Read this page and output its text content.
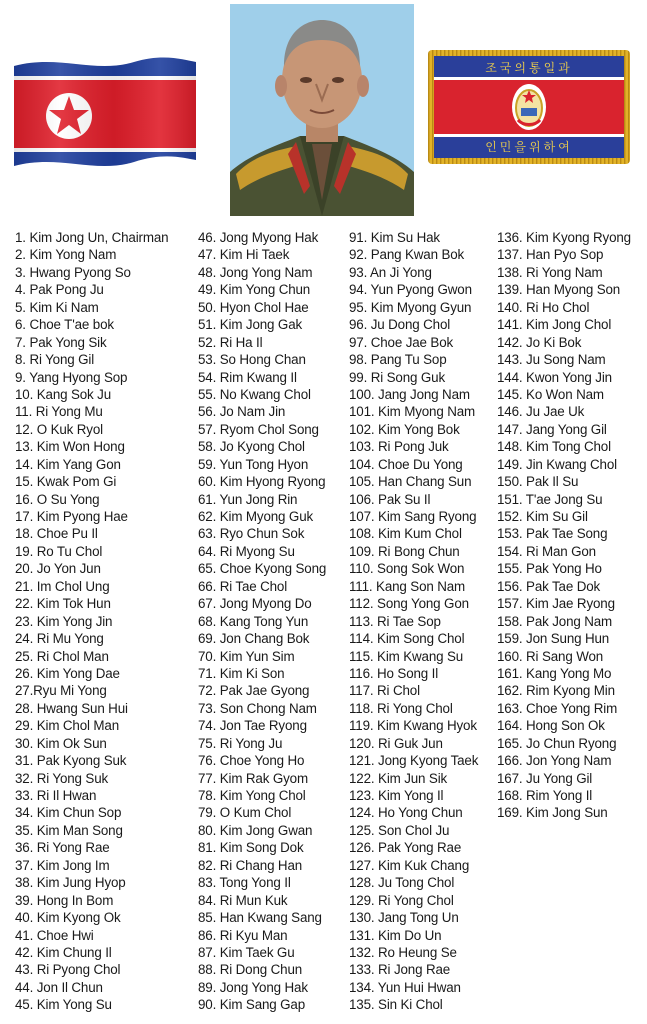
조국의통일과
인민을위하여
1. Kim Jong Un, Chairman
2. Kim Yong Nam
3. Hwang Pyong So
4. Pak Pong Ju
5. Kim Ki Nam
6. Choe T'ae bok
7. Pak Yong Sik
8. Ri Yong Gil
9. Yang Hyong Sop
10. Kang Sok Ju
11. Ri Yong Mu
12. O Kuk Ryol
13. Kim Won Hong
14. Kim Yang Gon
15. Kwak Pom Gi
16. O Su Yong
17. Kim Pyong Hae
18. Choe Pu Il
19. Ro Tu Chol
20. Jo Yon Jun
21. Im Chol Ung
22. Kim Tok Hun
23. Kim Yong Jin
24. Ri Mu Yong
25. Ri Chol Man
26. Kim Yong Dae
27.Ryu Mi Yong
28. Hwang Sun Hui
29. Kim Chol Man
30. Kim Ok Sun
31. Pak Kyong Suk
32. Ri Yong Suk
33. Ri Il Hwan
34. Kim Chun Sop
35. Kim Man Song
36. Ri Yong Rae
37. Kim Jong Im
38. Kim Jung Hyop
39. Hong In Bom
40. Kim Kyong Ok
41. Choe Hwi
42. Kim Chung Il
43. Ri Pyong Chol
44. Jon Il Chun
45. Kim Yong Su
46. Jong Myong Hak
47. Kim Hi Taek
48. Jong Yong Nam
49. Kim Yong Chun
50. Hyon Chol Hae
51. Kim Jong Gak
52. Ri Ha Il
53. So Hong Chan
54. Rim Kwang Il
55. No Kwang Chol
56. Jo Nam Jin
57. Ryom Chol Song
58. Jo Kyong Chol
59. Yun Tong Hyon
60. Kim Hyong Ryong
61. Yun Jong Rin
62. Kim Myong Guk
63. Ryo Chun Sok
64. Ri Myong Su
65. Choe Kyong Song
66. Ri Tae Chol
67. Jong Myong Do
68. Kang Tong Yun
69. Jon Chang Bok
70. Kim Yun Sim
71. Kim Ki Son
72. Pak Jae Gyong
73. Son Chong Nam
74. Jon Tae Ryong
75. Ri Yong Ju
76. Choe Yong Ho
77. Kim Rak Gyom
78. Kim Yong Chol
79. O Kum Chol
80. Kim Jong Gwan
81. Kim Song Dok
82. Ri Chang Han
83. Tong Yong Il
84. Ri Mun Kuk
85. Han Kwang Sang
86. Ri Kyu Man
87. Kim Taek Gu
88. Ri Dong Chun
89. Jong Yong Hak
90. Kim Sang Gap
91. Kim Su Hak
92. Pang Kwan Bok
93. An Ji Yong
94. Yun Pyong Gwon
95. Kim Myong Gyun
96. Ju Dong Chol
97. Choe Jae Bok
98. Pang Tu Sop
99. Ri Song Guk
100. Jang Jong Nam
101. Kim Myong Nam
102. Kim Yong Bok
103. Ri Pong Juk
104. Choe Du Yong
105. Han Chang Sun
106. Pak Su Il
107. Kim Sang Ryong
108. Kim Kum Chol
109. Ri Bong Chun
110. Song Sok Won
111. Kang Son Nam
112. Song Yong Gon
113. Ri Tae Sop
114. Kim Song Chol
115. Kim Kwang Su
116. Ho Song Il
117. Ri Chol
118. Ri Yong Chol
119. Kim Kwang Hyok
120. Ri Guk Jun
121. Jong Kyong Taek
122. Kim Jun Sik
123. Kim Yong Il
124. Ho Yong Chun
125. Son Chol Ju
126. Pak Yong Rae
127. Kim Kuk Chang
128. Ju Tong Chol
129. Ri Yong Chol
130. Jang Tong Un
131. Kim Do Un
132. Ro Heung Se
133. Ri Jong Rae
134. Yun Hui Hwan
135. Sin Ki Chol
136. Kim Kyong Ryong
137. Han Pyo Sop
138. Ri Yong Nam
139. Han Myong Son
140. Ri Ho Chol
141. Kim Jong Chol
142. Jo Ki Bok
143. Ju Song Nam
144. Kwon Yong Jin
145. Ko Won Nam
146. Ju Jae Uk
147. Jang Yong Gil
148. Kim Tong Chol
149. Jin Kwang Chol
150. Pak Il Su
151. T'ae Jong Su
152. Kim Su Gil
153. Pak Tae Song
154. Ri Man Gon
155. Pak Yong Ho
156. Pak Tae Dok
157. Kim Jae Ryong
158. Pak Jong Nam
159. Jon Sung Hun
160. Ri Sang Won
161. Kang Yong Mo
162. Rim Kyong Min
163. Choe Yong Rim
164. Hong Son Ok
165. Jo Chun Ryong
166. Jon Yong Nam
167. Ju Yong Gil
168. Rim Yong Il
169. Kim Jong Sun
